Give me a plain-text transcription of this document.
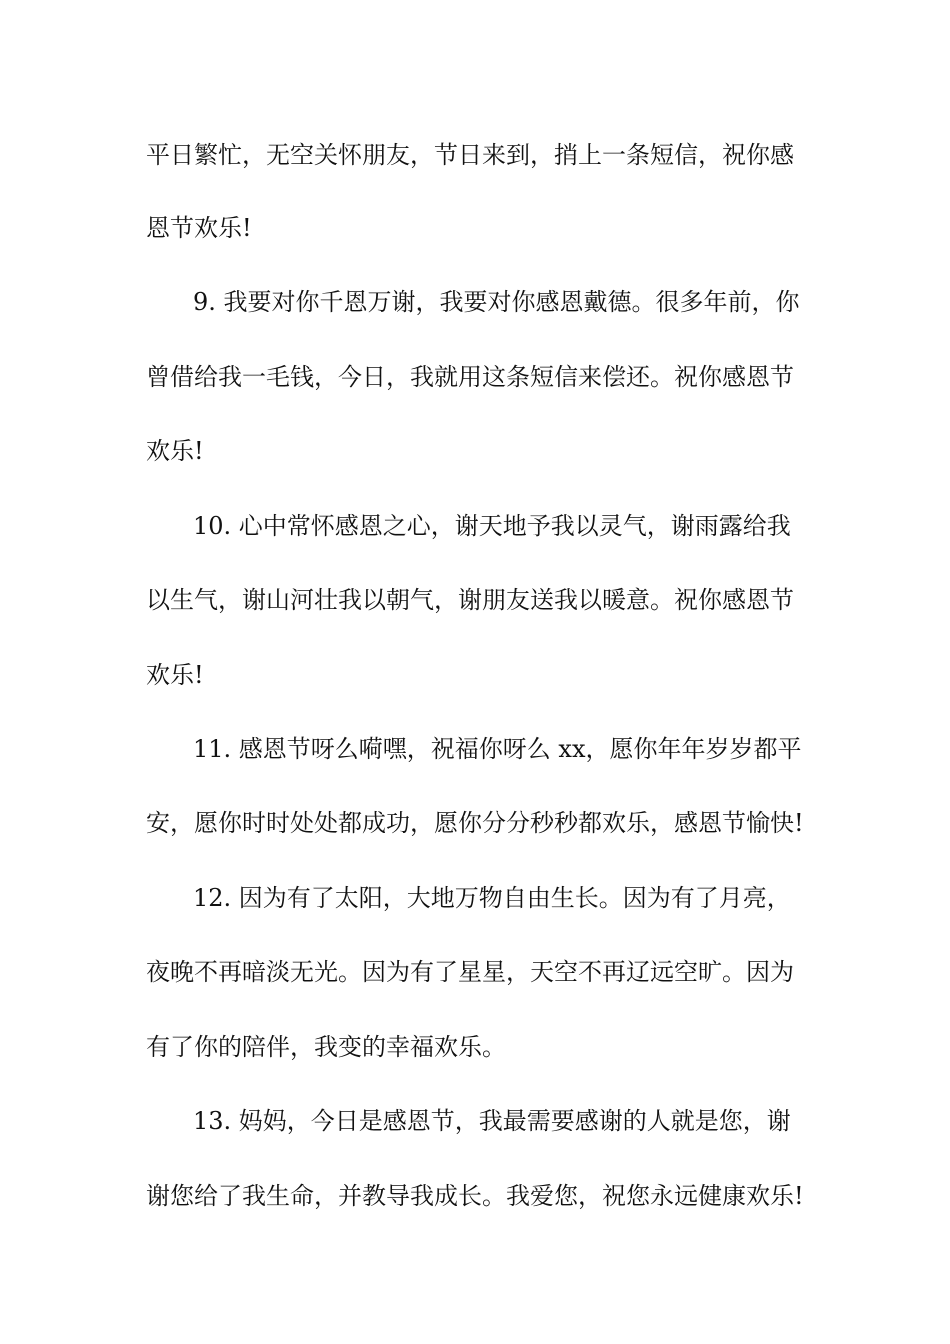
平日繁忙，无空关怀朋友，节日来到，捎上一条短信，祝你感
恩节欢乐!
9. 我要对你千恩万谢，我要对你感恩戴德。很多年前，你
曾借给我一毛钱，今日，我就用这条短信来偿还。祝你感恩节
欢乐!
10. 心中常怀感恩之心，谢天地予我以灵气，谢雨露给我
以生气，谢山河壮我以朝气，谢朋友送我以暖意。祝你感恩节
欢乐!
11. 感恩节呀么嗬嘿，祝福你呀么 xx，愿你年年岁岁都平
安，愿你时时处处都成功，愿你分分秒秒都欢乐，感恩节愉快!
12. 因为有了太阳，大地万物自由生长。因为有了月亮，
夜晚不再暗淡无光。因为有了星星，天空不再辽远空旷。因为
有了你的陪伴，我变的幸福欢乐。
13. 妈妈，今日是感恩节，我最需要感谢的人就是您，谢
谢您给了我生命，并教导我成长。我爱您，祝您永远健康欢乐!
